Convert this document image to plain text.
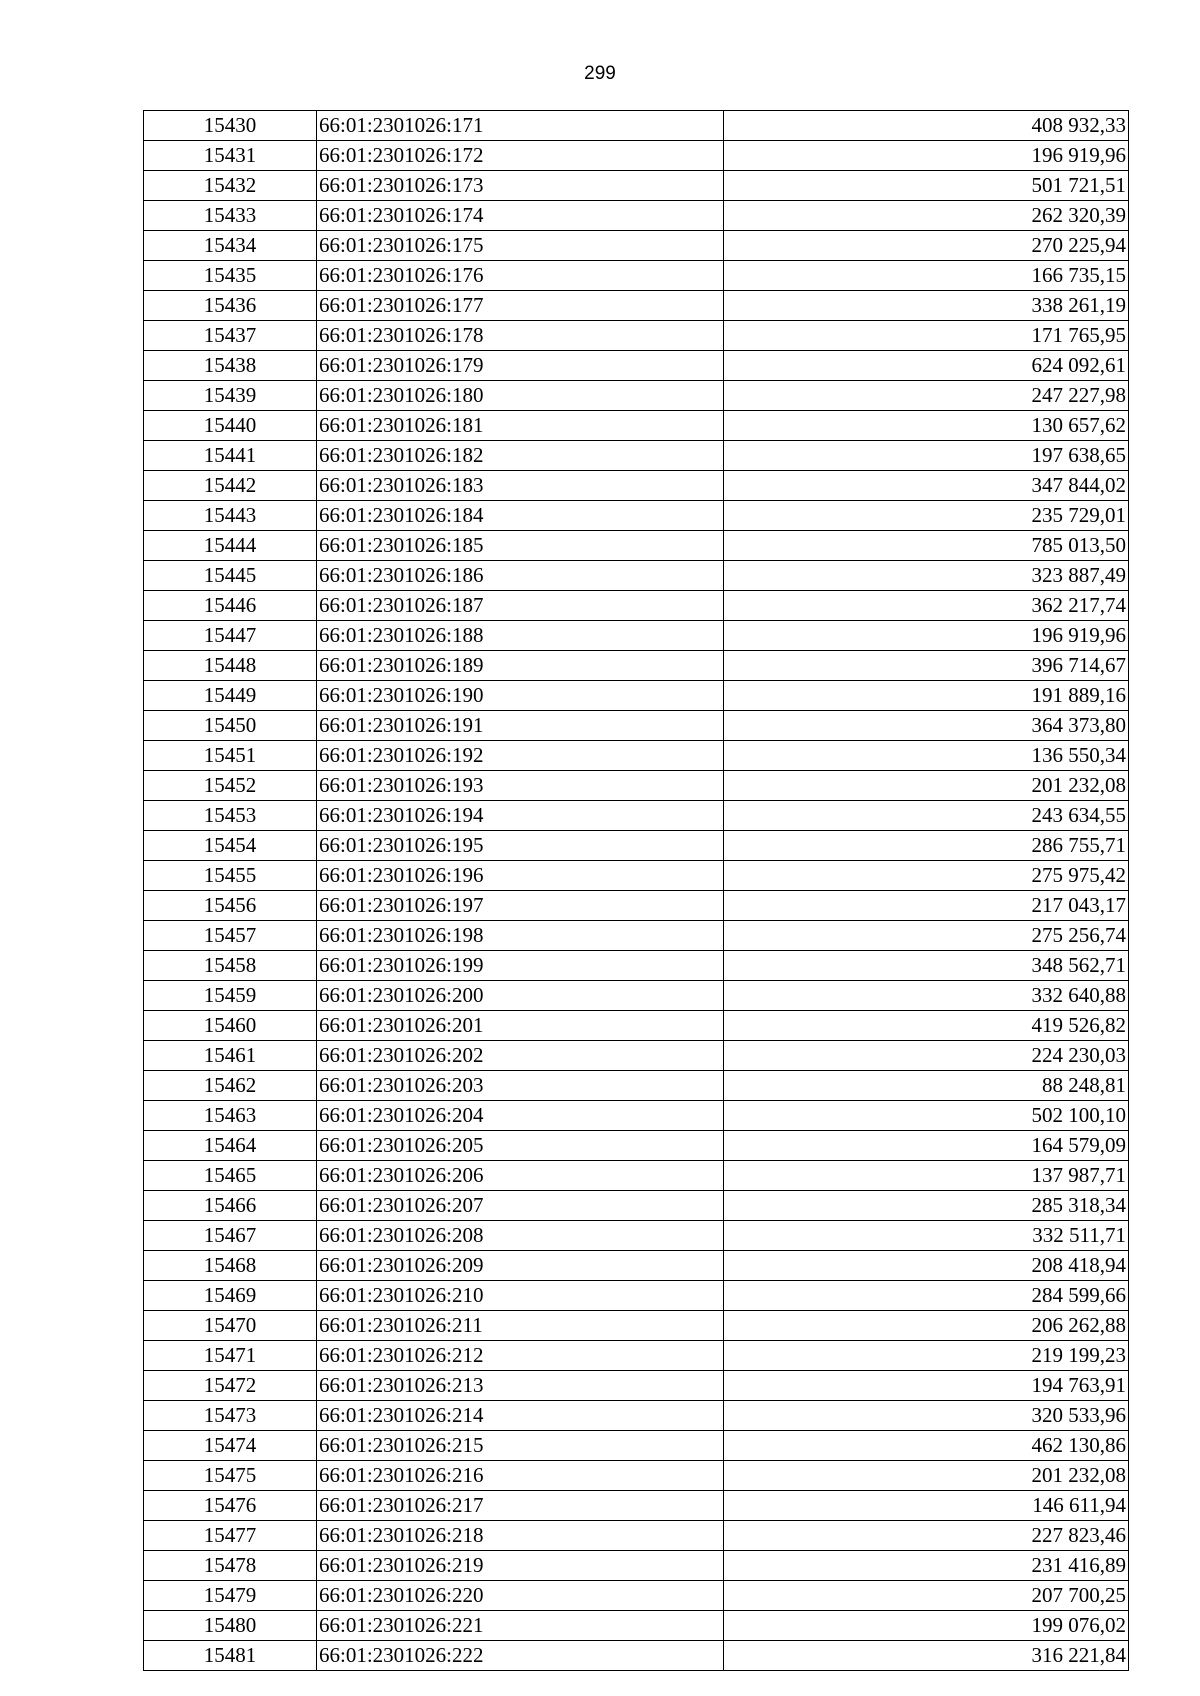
299
15430	66:01:2301026:171	408 932,33
15431	66:01:2301026:172	196 919,96
15432	66:01:2301026:173	501 721,51
15433	66:01:2301026:174	262 320,39
15434	66:01:2301026:175	270 225,94
15435	66:01:2301026:176	166 735,15
15436	66:01:2301026:177	338 261,19
15437	66:01:2301026:178	171 765,95
15438	66:01:2301026:179	624 092,61
15439	66:01:2301026:180	247 227,98
15440	66:01:2301026:181	130 657,62
15441	66:01:2301026:182	197 638,65
15442	66:01:2301026:183	347 844,02
15443	66:01:2301026:184	235 729,01
15444	66:01:2301026:185	785 013,50
15445	66:01:2301026:186	323 887,49
15446	66:01:2301026:187	362 217,74
15447	66:01:2301026:188	196 919,96
15448	66:01:2301026:189	396 714,67
15449	66:01:2301026:190	191 889,16
15450	66:01:2301026:191	364 373,80
15451	66:01:2301026:192	136 550,34
15452	66:01:2301026:193	201 232,08
15453	66:01:2301026:194	243 634,55
15454	66:01:2301026:195	286 755,71
15455	66:01:2301026:196	275 975,42
15456	66:01:2301026:197	217 043,17
15457	66:01:2301026:198	275 256,74
15458	66:01:2301026:199	348 562,71
15459	66:01:2301026:200	332 640,88
15460	66:01:2301026:201	419 526,82
15461	66:01:2301026:202	224 230,03
15462	66:01:2301026:203	88 248,81
15463	66:01:2301026:204	502 100,10
15464	66:01:2301026:205	164 579,09
15465	66:01:2301026:206	137 987,71
15466	66:01:2301026:207	285 318,34
15467	66:01:2301026:208	332 511,71
15468	66:01:2301026:209	208 418,94
15469	66:01:2301026:210	284 599,66
15470	66:01:2301026:211	206 262,88
15471	66:01:2301026:212	219 199,23
15472	66:01:2301026:213	194 763,91
15473	66:01:2301026:214	320 533,96
15474	66:01:2301026:215	462 130,86
15475	66:01:2301026:216	201 232,08
15476	66:01:2301026:217	146 611,94
15477	66:01:2301026:218	227 823,46
15478	66:01:2301026:219	231 416,89
15479	66:01:2301026:220	207 700,25
15480	66:01:2301026:221	199 076,02
15481	66:01:2301026:222	316 221,84
